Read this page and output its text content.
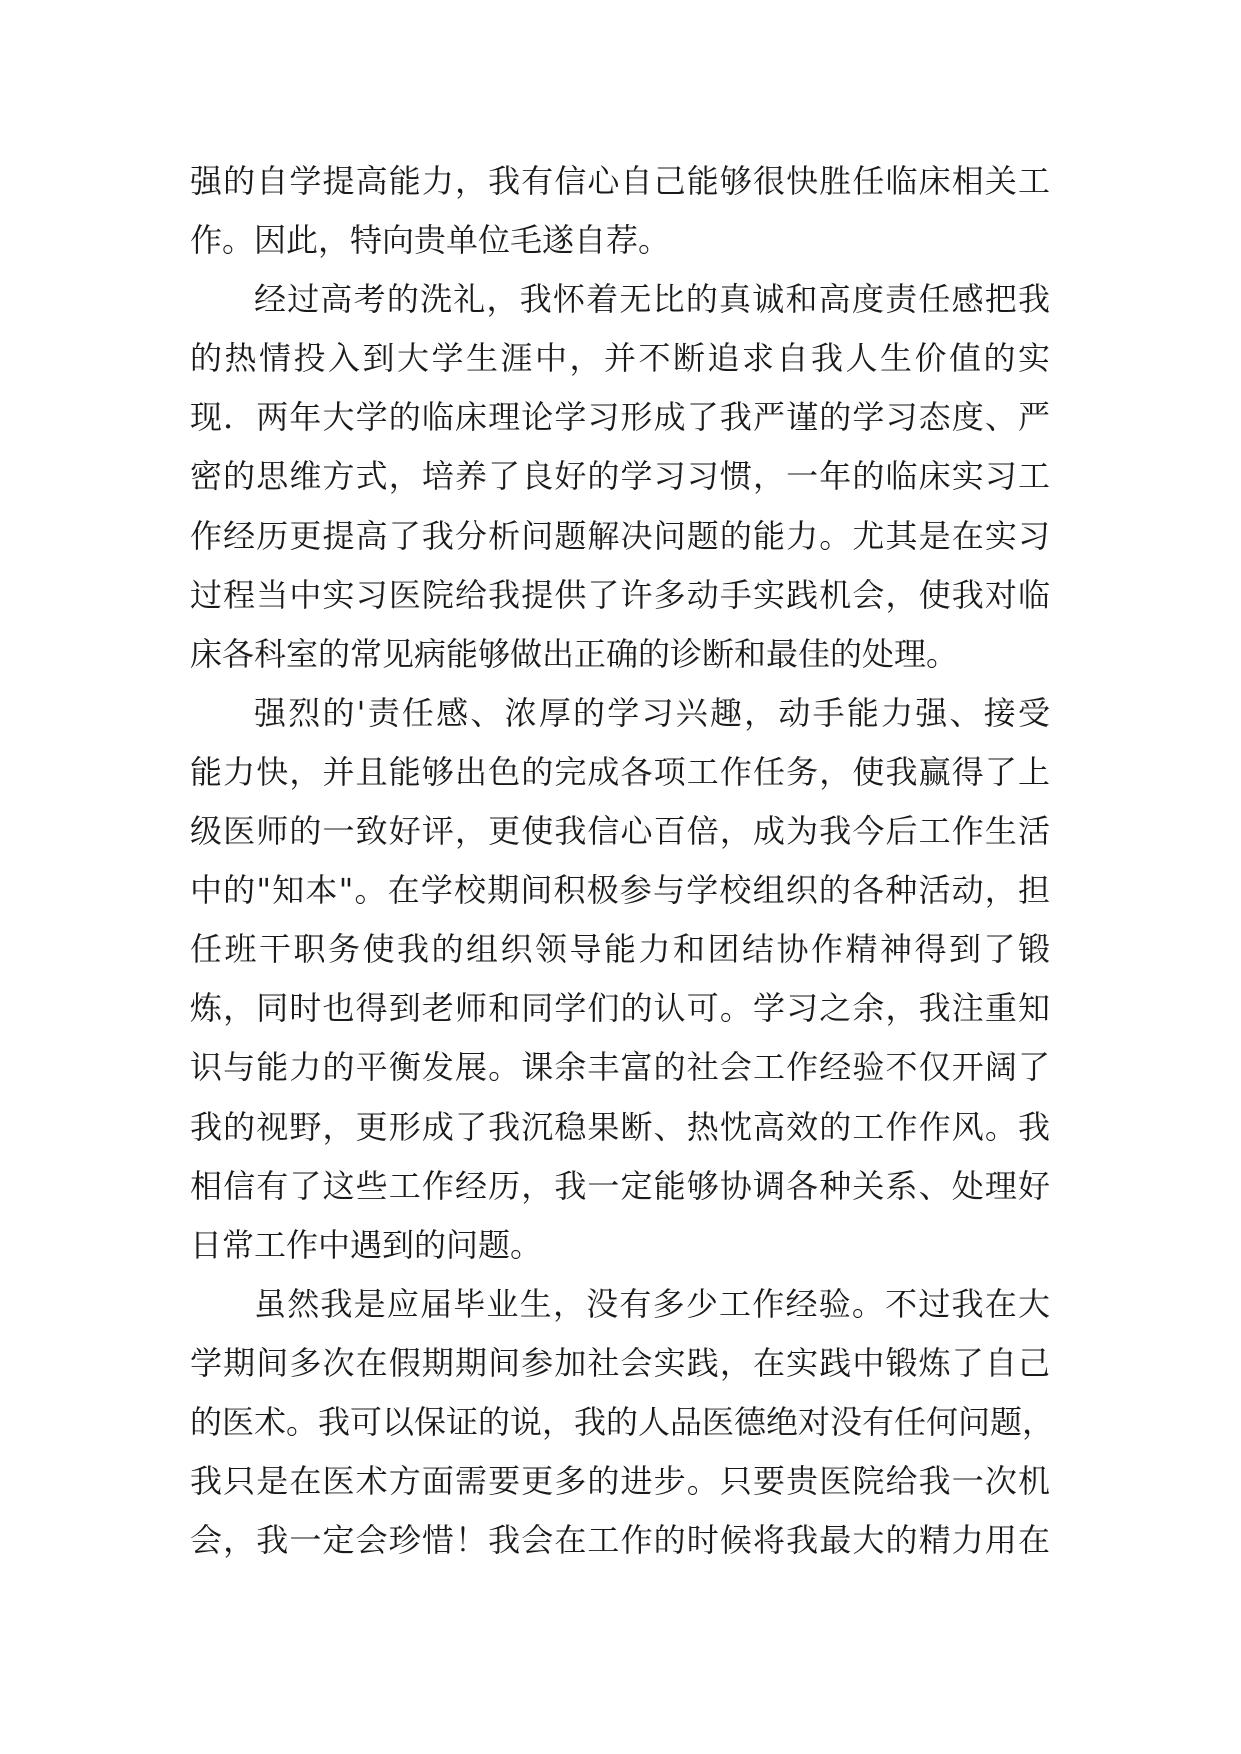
强的自学提高能力，我有信心自己能够很快胜任临床相关工
作。因此，特向贵单位毛遂自荐。
经过高考的洗礼，我怀着无比的真诚和高度责任感把我
的热情投入到大学生涯中，并不断追求自我人生价值的实
现．两年大学的临床理论学习形成了我严谨的学习态度、严
密的思维方式，培养了良好的学习习惯，一年的临床实习工
作经历更提高了我分析问题解决问题的能力。尤其是在实习
过程当中实习医院给我提供了许多动手实践机会，使我对临
床各科室的常见病能够做出正确的诊断和最佳的处理。
强烈的'责任感、浓厚的学习兴趣，动手能力强、接受
能力快，并且能够出色的完成各项工作任务，使我赢得了上
级医师的一致好评，更使我信心百倍，成为我今后工作生活
中的"知本"。在学校期间积极参与学校组织的各种活动，担
任班干职务使我的组织领导能力和团结协作精神得到了锻
炼，同时也得到老师和同学们的认可。学习之余，我注重知
识与能力的平衡发展。课余丰富的社会工作经验不仅开阔了
我的视野，更形成了我沉稳果断、热忱高效的工作作风。我
相信有了这些工作经历，我一定能够协调各种关系、处理好
日常工作中遇到的问题。
虽然我是应届毕业生，没有多少工作经验。不过我在大
学期间多次在假期期间参加社会实践，在实践中锻炼了自己
的医术。我可以保证的说，我的人品医德绝对没有任何问题，
我只是在医术方面需要更多的进步。只要贵医院给我一次机
会，我一定会珍惜！我会在工作的时候将我最大的精力用在
